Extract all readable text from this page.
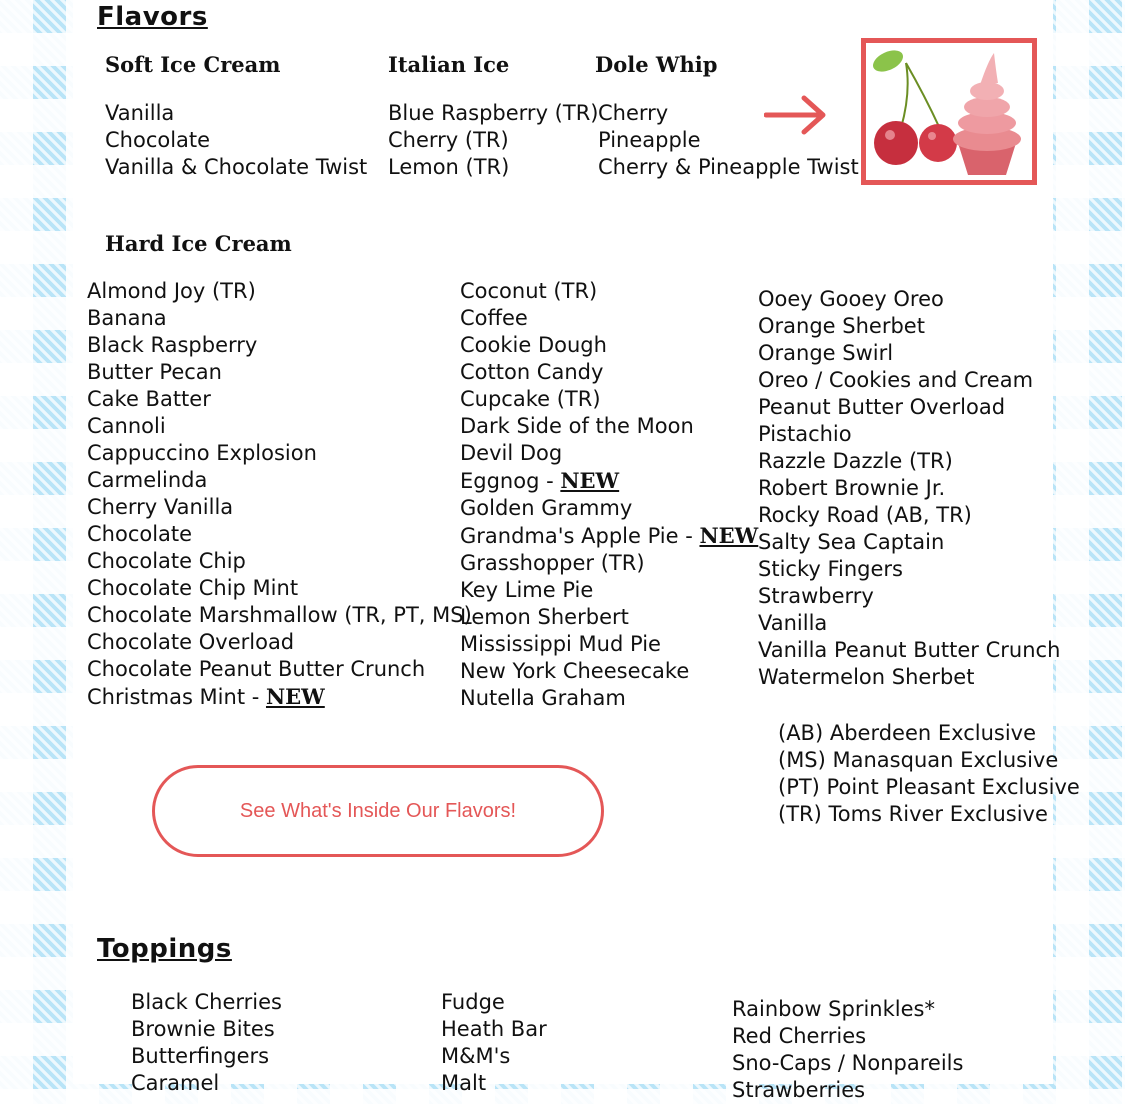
Flavors
Soft Ice Cream
Vanilla
Chocolate
Vanilla & Chocolate Twist
Italian Ice
Blue Raspberry (TR)
Cherry (TR)
Lemon (TR)
Dole Whip
Cherry
Pineapple
Cherry & Pineapple Twist
Hard Ice Cream
Almond Joy (TR)
Banana
Black Raspberry
Butter Pecan
Cake Batter
Cannoli
Cappuccino Explosion
Carmelinda
Cherry Vanilla
Chocolate
Chocolate Chip
Chocolate Chip Mint
Chocolate Marshmallow (TR, PT, MS)
Chocolate Overload
Chocolate Peanut Butter Crunch
Christmas Mint - NEW
Coconut (TR)
Coffee
Cookie Dough
Cotton Candy
Cupcake (TR)
Dark Side of the Moon
Devil Dog
Eggnog - NEW
Golden Grammy
Grandma's Apple Pie - NEW
Grasshopper (TR)
Key Lime Pie
Lemon Sherbert
Mississippi Mud Pie
New York Cheesecake
Nutella Graham
Ooey Gooey Oreo
Orange Sherbet
Orange Swirl
Oreo / Cookies and Cream
Peanut Butter Overload
Pistachio
Razzle Dazzle (TR)
Robert Brownie Jr.
Rocky Road (AB, TR)
Salty Sea Captain
Sticky Fingers
Strawberry
Vanilla
Vanilla Peanut Butter Crunch
Watermelon Sherbet
(AB) Aberdeen Exclusive
(MS) Manasquan Exclusive
(PT) Point Pleasant Exclusive
(TR) Toms River Exclusive
See What's Inside Our Flavors!
Toppings
Black Cherries
Brownie Bites
Butterfingers
Caramel
Fudge
Heath Bar
M&M's
Malt
Rainbow Sprinkles*
Red Cherries
Sno-Caps / Nonpareils
Strawberries
